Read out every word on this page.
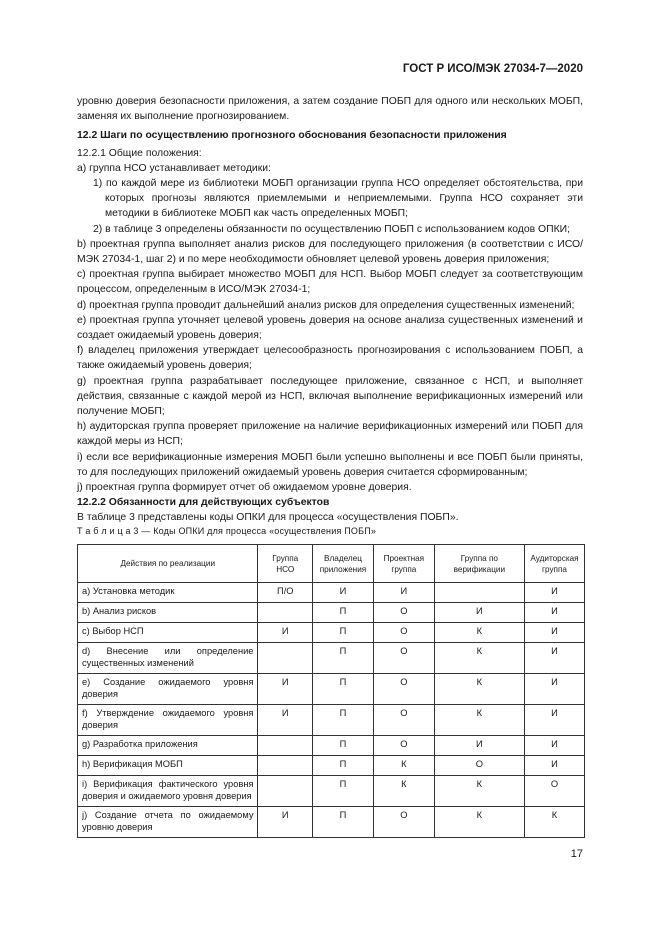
ГОСТ Р ИСО/МЭК 27034-7—2020

уровню доверия безопасности приложения, а затем создание ПОБП для одного или нескольких МОБП, заменяя их выполнение прогнозированием.

12.2 Шаги по осуществлению прогнозного обоснования безопасности приложения

12.2.1 Общие положения:

a) группа НСО устанавливает методики:

1) по каждой мере из библиотеки МОБП организации группа НСО определяет обстоятельства, при которых прогнозы являются приемлемыми и неприемлемыми. Группа НСО сохраняет эти методики в библиотеке МОБП как часть определенных МОБП;

2) в таблице 3 определены обязанности по осуществлению ПОБП с использованием кодов ОПКИ;

b) проектная группа выполняет анализ рисков для последующего приложения (в соответствии с ИСО/МЭК 27034-1, шаг 2) и по мере необходимости обновляет целевой уровень доверия приложения;

c) проектная группа выбирает множество МОБП для НСП. Выбор МОБП следует за соответствующим процессом, определенным в ИСО/МЭК 27034-1;

d) проектная группа проводит дальнейший анализ рисков для определения существенных изменений;

e) проектная группа уточняет целевой уровень доверия на основе анализа существенных изменений и создает ожидаемый уровень доверия;

f) владелец приложения утверждает целесообразность прогнозирования с использованием ПОБП, а также ожидаемый уровень доверия;

g) проектная группа разрабатывает последующее приложение, связанное с НСП, и выполняет действия, связанные с каждой мерой из НСП, включая выполнение верификационных измерений или получение МОБП;

h) аудиторская группа проверяет приложение на наличие верификационных измерений или ПОБП для каждой меры из НСП;

i) если все верификационные измерения МОБП были успешно выполнены и все ПОБП были приняты, то для последующих приложений ожидаемый уровень доверия считается сформированным;

j) проектная группа формирует отчет об ожидаемом уровне доверия.

12.2.2 Обязанности для действующих субъектов

В таблице 3 представлены коды ОПКИ для процесса «осуществления ПОБП».

Т а б л и ц а 3 — Коды ОПКИ для процесса «осуществления ПОБП»
Действия по реализации	Группа НСО	Владелец приложения	Проектная группа	Группа по верификации	Аудиторская группа
a) Установка методик	П/О	И	И		И
b) Анализ рисков		П	О	И	И
c) Выбор НСП	И	П	О	К	И
d) Внесение или определение существенных изменений		П	О	К	И
e) Создание ожидаемого уровня доверия	И	П	О	К	И
f) Утверждение ожидаемого уровня доверия	И	П	О	К	И
g) Разработка приложения		П	О	И	И
h) Верификация МОБП		П	К	О	И
i) Верификация фактического уровня доверия и ожидаемого уровня доверия		П	К	К	О
j) Создание отчета по ожидаемому уровню доверия	И	П	О	К	К
17
